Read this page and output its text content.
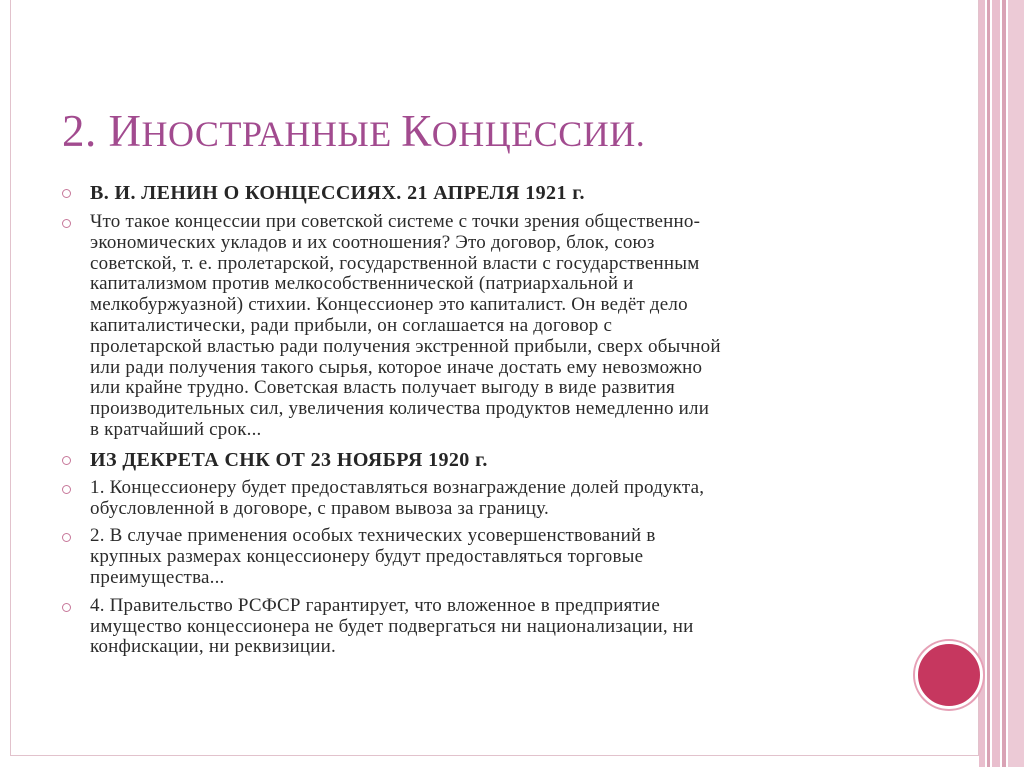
2. ИНОСТРАННЫЕ КОНЦЕССИИ.
В. И. ЛЕНИН О КОНЦЕССИЯХ. 21 АПРЕЛЯ 1921 г.
Что такое концессии при советской системе с точки зрения общественно-
экономических укладов и их соотношения? Это договор, блок, союз
советской, т. е. пролетарской, государственной власти с государственным
капитализмом против мелкособственнической (патриархальной и
мелкобуржуазной) стихии. Концессионер это капиталист. Он ведёт дело
капиталистически, ради прибыли, он соглашается на договор с
пролетарской властью ради получения экстренной прибыли, сверх обычной
или ради получения такого сырья, которое иначе достать ему невозможно
или крайне трудно. Советская власть получает выгоду в виде развития
производительных сил, увеличения количества продуктов немедленно или
в кратчайший срок...
ИЗ ДЕКРЕТА СНК ОТ 23 НОЯБРЯ 1920 г.
1. Концессионеру будет предоставляться вознаграждение долей продукта,
обусловленной в договоре, с правом вывоза за границу.
2. В случае применения особых технических усовершенствований в
крупных размерах концессионеру будут предоставляться торговые
преимущества...
4. Правительство РСФСР гарантирует, что вложенное в предприятие
имущество концессионера не будет подвергаться ни национализации, ни
конфискации, ни реквизиции.
